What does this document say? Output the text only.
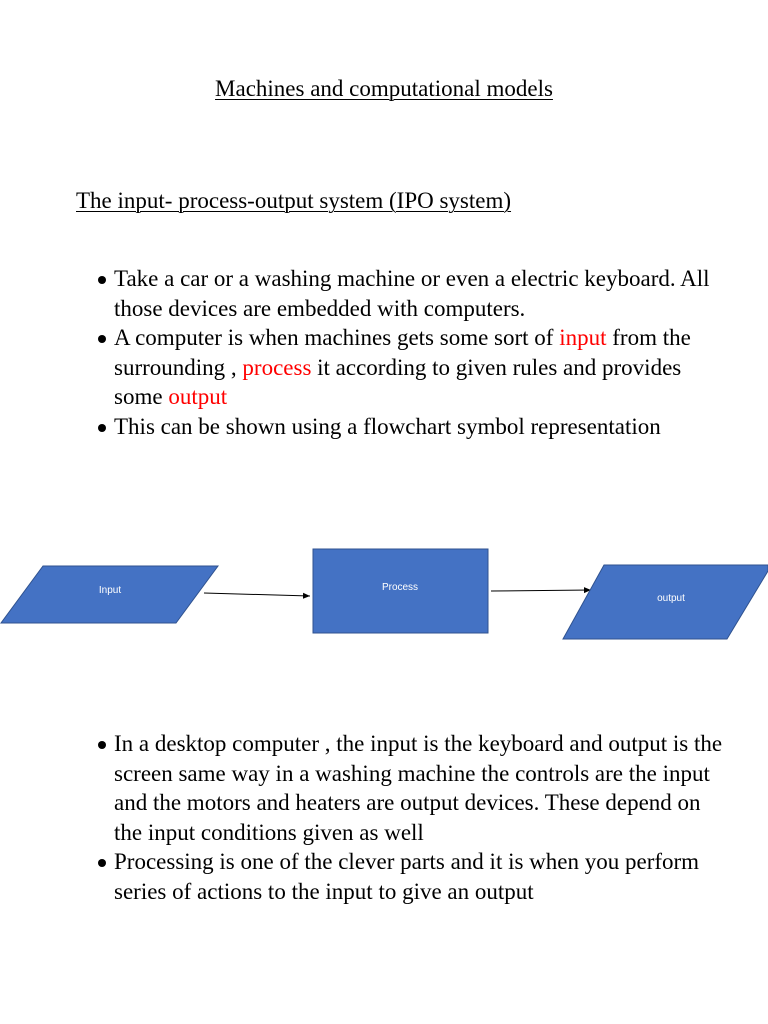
Machines and computational models
The input- process-output system (IPO system)
Take a car or a washing machine or even a electric keyboard. All those devices are embedded with computers.
A computer is when machines gets some sort of input from the surrounding , process it according to given rules and provides some output
This can be shown using a flowchart symbol representation
Input	Process
output
In a desktop computer , the input is the keyboard and output is the screen same way in a washing machine the controls are the input and the motors and heaters are output devices. These depend on the input conditions given as well
Processing is one of the clever parts and it is when you perform series of actions to the input to give an output
